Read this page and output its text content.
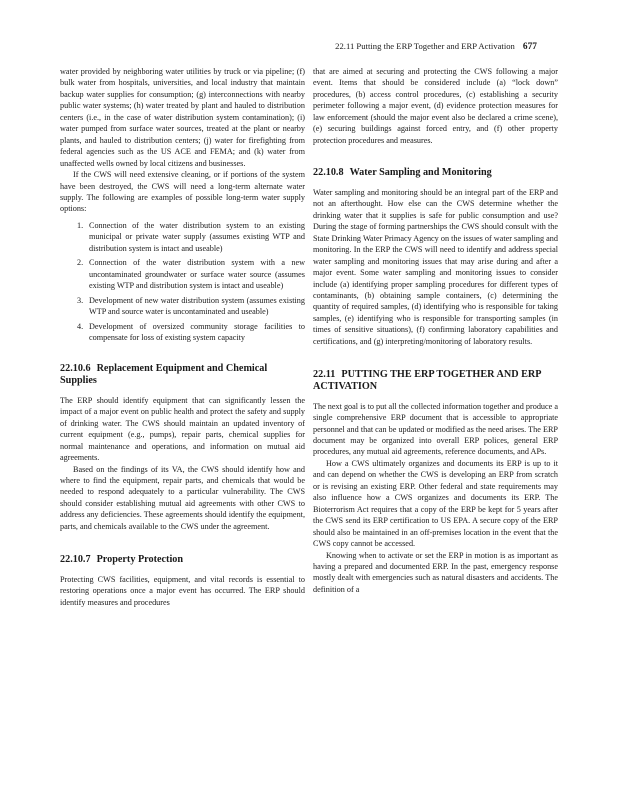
22.11 Putting the ERP Together and ERP Activation 677

water provided by neighboring water utilities by truck or via pipeline; (f) bulk water from hospitals, universities, and local industry that maintain backup water supplies for consumption; (g) interconnections with nearby public water systems; (h) water treated by plant and hauled to distribution centers (i.e., in the case of water distribution system contamination); (i) water pumped from surface water sources, treated at the plant or nearby plants, and hauled to distribution centers; (j) water for firefighting from federal agencies such as the US ACE and FEMA; and (k) water from unaffected wells owned by local citizens and businesses.

If the CWS will need extensive cleaning, or if portions of the system have been destroyed, the CWS will need a long-term alternate water supply. The following are examples of possible long-term water supply options:

1. Connection of the water distribution system to an existing municipal or private water supply (assumes existing WTP and distribution system is intact and useable)
2. Connection of the water distribution system with a new uncontaminated groundwater or surface water source (assumes existing WTP and distribution system is intact and useable)
3. Development of new water distribution system (assumes existing WTP and source water is uncontaminated and useable)
4. Development of oversized community storage facilities to compensate for loss of existing system capacity
22.10.6 Replacement Equipment and Chemical Supplies

The ERP should identify equipment that can significantly lessen the impact of a major event on public health and protect the safety and supply of drinking water. The CWS should maintain an updated inventory of current equipment (e.g., pumps), repair parts, chemical supplies for normal maintenance and operations, and information on mutual aid agreements.

Based on the findings of its VA, the CWS should identify how and where to find the equipment, repair parts, and chemicals that would be needed to respond adequately to a particular vulnerability. The CWS should consider establishing mutual aid agreements with other CWS to address any deficiencies. These agreements should identify the equipment, parts, and chemicals available to the CWS under the agreement.

22.10.7 Property Protection

Protecting CWS facilities, equipment, and vital records is essential to restoring operations once a major event has occurred. The ERP should identify measures and procedures

that are aimed at securing and protecting the CWS following a major event. Items that should be considered include (a) “lock down” procedures, (b) access control procedures, (c) establishing a security perimeter following a major event, (d) evidence protection measures for law enforcement (should the major event also be declared a crime scene), (e) securing buildings against forced entry, and (f) other property protection procedures and measures.

22.10.8 Water Sampling and Monitoring

Water sampling and monitoring should be an integral part of the ERP and not an afterthought. How else can the CWS determine whether the drinking water that it supplies is safe for public consumption and use? During the stage of forming partnerships the CWS should consult with the State Drinking Water Primacy Agency on the issues of water sampling and monitoring. In the ERP the CWS will need to identify and address special water sampling and monitoring issues that may arise during and after a major event. Some water sampling and monitoring issues to consider include (a) identifying proper sampling procedures for different types of contaminants, (b) obtaining sample containers, (c) determining the quantity of required samples, (d) identifying who is responsible for taking samples, (e) identifying who is responsible for transporting samples (in times of sensitive situations), (f) confirming laboratory capabilities and certifications, and (g) interpreting/monitoring of laboratory results.

22.11 PUTTING THE ERP TOGETHER AND ERP ACTIVATION

The next goal is to put all the collected information together and produce a single comprehensive ERP document that is accessible to appropriate personnel and that can be updated or modified as the need arises. The ERP document may be organized into overall ERP polices, general ERP procedures, any mutual aid agreements, reference documents, and APs.

How a CWS ultimately organizes and documents its ERP is up to it and can depend on whether the CWS is developing an ERP from scratch or is revising an existing ERP. Other federal and state requirements may also influence how a CWS organizes and documents its ERP. The Bioterrorism Act requires that a copy of the ERP be kept for 5 years after the CWS send its ERP certification to US EPA. A secure copy of the ERP should also be maintained in an off-premises location in the event that the CWS copy cannot be accessed.

Knowing when to activate or set the ERP in motion is as important as having a prepared and documented ERP. In the past, emergency response mostly dealt with emergencies such as natural disasters and accidents. The definition of a
